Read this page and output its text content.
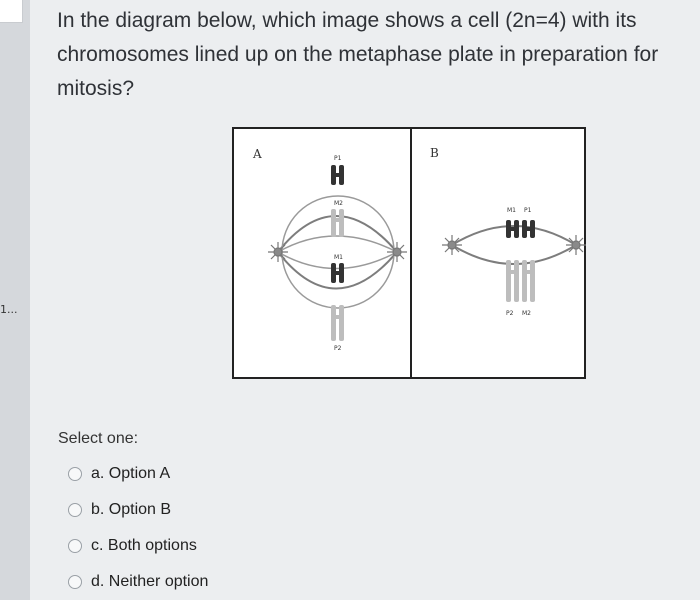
1...
In the diagram below, which image shows a cell (2n=4) with its chromosomes lined up on the metaphase plate in preparation for mitosis?
A	B
P1
M2
M1
P2
M1 P1
P2 M2
Select one:
a. Option A
b. Option B
c. Both options
d. Neither option
